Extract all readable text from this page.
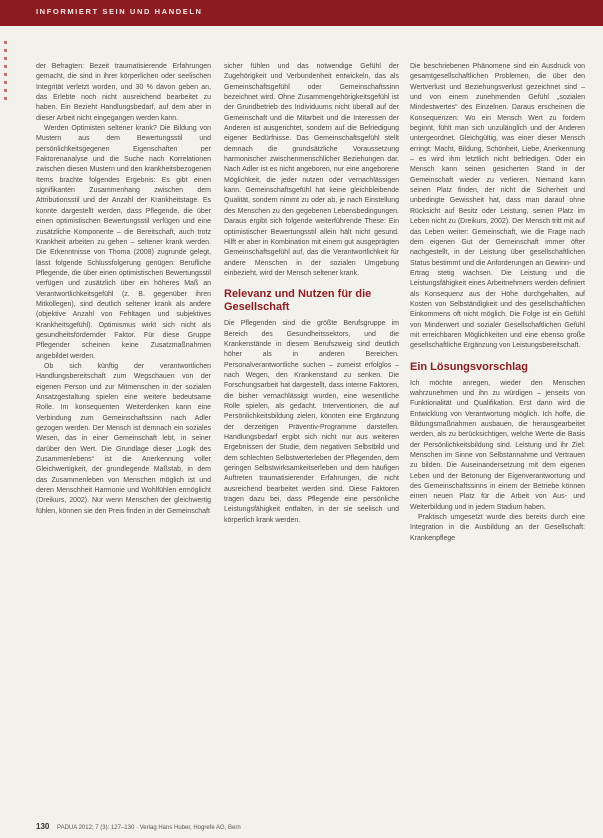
INFORMIERT SEIN UND HANDELN

der Befragten: Bezeit traumatisierende Erfahrungen gemacht, die sind in ihrer körperlichen oder seelischen Integrität verletzt worden, und 30 % davon geben an, das Erlebte noch nicht ausreichend bearbeitet zu haben. Ein Bezieht Handlungsbedarf, auf dem aber in dieser Arbeit nicht eingegangen werden kann.

Werden Optimisten seltener krank? Die Bildung von Mustern aus dem Bewertungsstil und persönlichkeitsgegenen Eigenschaften per Faktorenanalyse und die Suche nach Korrelationen zwischen diesen Mustern und den krankheitsbezogenen Items brachte folgendes Ergebnis: Es gibt einen signifikanten Zusammenhang zwischen dem Attributionsstil und der Anzahl der Krankheitstage. Es konnte dargestellt werden, dass Pflegende, die über einen optimistischen Bewertungsstil verfügen und eine zusätzliche Komponente – die Bereitschaft, auch trotz Krankheit arbeiten zu gehen – seltener krank werden. Die Erkenntnisse von Thoma (2008) zugrunde gelegt, lässt folgende Schlussfolgerung genügen: Berufliche Pflegende, die über einen optimistischen Bewertungsstil verfügen und zusätzlich über ein höheres Maß an Verantwortlichkeitsgefühl (z. B. gegenüber ihren Mitkollegen), sind deutlich seltener krank als andere (objektive Anzahl von Fehltagen und subjektives Krankheitsgefühl). Optimismus wirkt sich nicht als gesundheitsfördernder Faktor. Für diese Gruppe Pflegender scheinen keine Zusatzmaßnahmen angebildet werden.

Ob sich künftig der verantwortlichen Handlungsbereitschaft zum Wegschauen von der eigenen Person und zur Mitmenschen in der sozialen Ansatzgestaltung spielen eine weitere bedeutsame Rolle. Im konsequenten Weiterdenken kann eine Verbindung zum Gemeinschaftssinn nach Adler gezogen werden. Der Mensch ist demnach ein soziales Wesen, das in einer Gemeinschaft lebt, in seiner darüber den Wert. Die Grundlage dieser „Logik des Zusammenlebens“ ist die Anerkennung voller Gleichwertigkeit, der grundlegende Maßstab, in dem das Zusammenleben von Menschen möglich ist und deren Menschheit Harmonie und Wohlfühlen ermöglicht (Dreikurs, 2002). Nur wenn Menschen der gleichwertig fühlen, können sie den Preis finden in der Gemeinschaft

sicher fühlen und das notwendige Gefühl der Zugehörigkeit und Verbundenheit entwickeln, das als Gemeinschaftsgefühl oder Gemeinschaftssinn bezeichnet wird. Ohne Zusammengehörigkeitsgefühl ist der Grundbetrieb des Individuums nicht überall auf der Gemeinschaft und die Mitarbeit und die Interessen der Anderen ist ausgerichtet, sondern auf die Befriedigung eigener Bedürfnisse. Das Gemeinschaftsgefühl stellt demnach die grundsätzliche Voraussetzung harmonischer zwischenmenschlicher Beziehungen dar. Nach Adler ist es nicht angeboren, nur eine angeborene Möglichkeit, die jeder nutzen oder vernachlässigen kann. Gemeinschaftsgefühl hat keine gleichbleibende Qualität, sondern nimmt zu oder ab, je nach Einstellung des Menschen zu den gegebenen Lebensbedingungen. Daraus ergibt sich folgende weiterführende These: Ein optimistischer Bewertungsstil allein hält nicht gesund. Hilft er aber in Kombination mit einem gut ausgeprägten Gemeinschaftsgefühl auf, das die Verantwortlichkeit für andere Menschen in der sozialen Umgebung einbezieht, wird der Mensch seltener krank.

Relevanz und Nutzen für die Gesellschaft

Die Pflegenden sind die größte Berufsgruppe im Bereich des Gesundheitssektors, und die Krankenstände in diesem Berufszweig sind deutlich höher als in anderen Bereichen. Personalverantwortliche suchen – zumeist erfolglos – nach Wegen, den Krankenstand zu senken. Die Forschungsarbeit hat dargestellt, dass interne Faktoren, die bisher vernachlässigt wurden, eine wesentliche Rolle spielen, als gedacht. Interventionen, die auf Persönlichkeitsbildung zielen, könnten eine Ergänzung der derzeitigen Präventiv-Programme darstellen. Handlungsbedarf ergibt sich nicht nur aus weiteren Ergebnissen der Studie, dem negativen Selbstbild und dem schlechten Selbstwerterleben der Pflegenden, dem geringen Selbstwirksamkeitserleben und dem häufigen Auftreten traumatisierender Erfahrungen, die nicht ausreichend bearbeitet werden sind. Diese Faktoren tragen dazu bei, dass Pflegende eine persönliche Leistungsfähigkeit entfalten, in der sie seelisch und körperlich krank werden.

Die beschriebenen Phänomene sind ein Ausdruck von gesamtgesellschaftlichen Problemen, die über den Wertverlust und Beziehungsverlust gezeichnet sind – und von einem zunehmenden Gefühl „sozialen Mindestwertes“ des Einzelnen. Daraus erscheinen die Konsequenzen: Wo ein Mensch Wert zu fordern beginnt, fühlt man sich unzulänglich und der Anderen untergeordnet. Gleichgültig, was einer dieser Mensch erringt: Macht, Bildung, Schönheit, Liebe, Anerkennung – es wird ihm letztlich nicht befriedigen. Oder ein Mensch kann seinen gesicherten Stand in der Gemeinschaft wieder zu verlieren. Niemand kann seinen Platz finden, der nicht die Sicherheit und unbedingte Gewissheit hat, dass man darauf ohne Rücksicht auf Besitz oder Leistung, seinen Platz im Leben nicht zu (Dreikurs, 2002). Der Mensch tritt mit auf das Leben weiter: Gemeinschaft, wie die Frage nach dem eigenen Gut der Gemeinschaft immer öfter nachgestellt, in der Leistung über gesellschaftlichen Status bestimmt und die Anforderungen an Gewinn- und Ertrag stetig wachsen. Die Leistung und die Leistungsfähigkeit eines Arbeitnehmers werden definiert als Konsequenz aus der Höhe durchgehalten, auf Kosten von Selbständigkeit und des gesellschaftlichen Einkommens oft nicht möglich. Die Folge ist ein Gefühl von Minderwert und sozialer Gesellschaftlichen Gefühl mit erreichbaren Möglichkeiten und eine ebenso große gesellschaftliche Ergänzung von Leistungsbereitschaft.

Ein Lösungsvorschlag

Ich möchte anregen, wieder den Menschen wahrzunehmen und ihn zu würdigen – jenseits von Funktionalität und Qualifikation. Erst dann wird die Entwicklung von Verantwortung möglich. Ich hoffe, die Bildungsmaßnahmen ausbauen, die herausgearbeitet werden, als zu berücksichtigen, welche Werte die Basis der Persönlichkeitsbildung sind. Leistung und ihr Ziel: Menschen im Sinne von Selbstannahme und Vertrauen zu bilden. Die Auseinandersetzung mit dem eigenen Leben und der Betonung der Eigenverantwortung und des Gemeinschaftssinns in einem der Betriebe können einen neuen Platz für die Arbeit von Aus- und Weiterbildung und in jedem Stadium haben.

Praktisch umgesetzt wurde dies bereits durch eine Integration in die Ausbildung an der Gesellschaft: Krankenpflege

130 PADUA 2012; 7 (3): 127–130 · Verlag Hans Huber, Hogrefe AG, Bern
